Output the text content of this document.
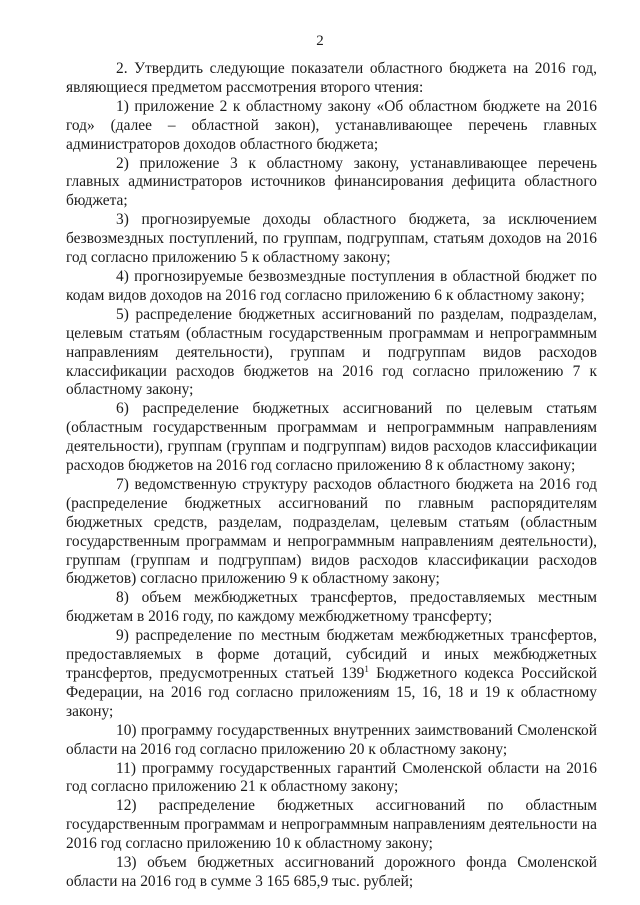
2

2. Утвердить следующие показатели областного бюджета на 2016 год, являющиеся предметом рассмотрения второго чтения:

1) приложение 2 к областному закону «Об областном бюджете на 2016 год» (далее – областной закон), устанавливающее перечень главных администраторов доходов областного бюджета;

2) приложение 3 к областному закону, устанавливающее перечень главных администраторов источников финансирования дефицита областного бюджета;

3) прогнозируемые доходы областного бюджета, за исключением безвозмездных поступлений, по группам, подгруппам, статьям доходов на 2016 год согласно приложению 5 к областному закону;

4) прогнозируемые безвозмездные поступления в областной бюджет по кодам видов доходов на 2016 год согласно приложению 6 к областному закону;

5) распределение бюджетных ассигнований по разделам, подразделам, целевым статьям (областным государственным программам и непрограммным направлениям деятельности), группам и подгруппам видов расходов классификации расходов бюджетов на 2016 год согласно приложению 7 к областному закону;

6) распределение бюджетных ассигнований по целевым статьям (областным государственным программам и непрограммным направлениям деятельности), группам (группам и подгруппам) видов расходов классификации расходов бюджетов на 2016 год согласно приложению 8 к областному закону;

7) ведомственную структуру расходов областного бюджета на 2016 год (распределение бюджетных ассигнований по главным распорядителям бюджетных средств, разделам, подразделам, целевым статьям (областным государственным программам и непрограммным направлениям деятельности), группам (группам и подгруппам) видов расходов классификации расходов бюджетов) согласно приложению 9 к областному закону;

8) объем межбюджетных трансфертов, предоставляемых местным бюджетам в 2016 году, по каждому межбюджетному трансферту;

9) распределение по местным бюджетам межбюджетных трансфертов, предоставляемых в форме дотаций, субсидий и иных межбюджетных трансфертов, предусмотренных статьей $139^1$ Бюджетного кодекса Российской Федерации, на 2016 год согласно приложениям 15, 16, 18 и 19 к областному закону;

10) программу государственных внутренних заимствований Смоленской области на 2016 год согласно приложению 20 к областному закону;

11) программу государственных гарантий Смоленской области на 2016 год согласно приложению 21 к областному закону;

12) распределение бюджетных ассигнований по областным государственным программам и непрограммным направлениям деятельности на 2016 год согласно приложению 10 к областному закону;

13) объем бюджетных ассигнований дорожного фонда Смоленской области на 2016 год в сумме 3 165 685,9 тыс. рублей;
